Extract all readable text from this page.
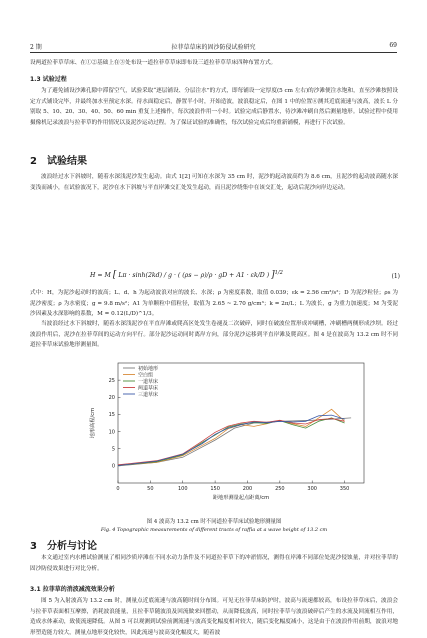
2 期	拉菲草草床的固沙防侵试验研究	69

设两道拉菲草草床、在①②基础上在③处布设一道拉菲草草床即布设三道拉菲草草床四种布置方式。

1.3 试验过程

为了避免铺设沙滩孔隙中滞留空气，试验采取“逐层铺设、分层注水”的方式，即每铺设一定厚度(5 cm 左右)的沙滩便注水饱和，直至沙滩按照设定方式铺设完毕，并最终加水至预定水深。待水面稳定后，静置半小时，开始造波，波浪稳定后，在图 1 中的位置⑥测其近底流速与波高，波长 L 分别取 5、10、20、30、40、50、60 min 重复上述操作，每次波浪作用一小时。试验完成后静置水，待沙滩冲刷自然后测量地形。试验过程中使用摄像机记录波浪与拉菲草的作用情况以及泥沙运动过程。为了保证试验的准确性，每次试验完成后均重新铺模，再进行下次试验。

2 试验结果

波浪经过水下斜坡时，随着水深浅泥沙发生起动。由式 1[2] 可知在水深为 35 cm 时，泥沙的起动波高约为 8.6 cm，且泥沙的起动波高随水深变浅而减小，在试验波况下，泥沙在水下斜坡与平直岸滩交汇处发生起动，而且泥沙绕集中在该交汇处，起动后泥沙向岸边运动。

H = M [ Lπ · sinh(2kd) / g · ( (ρs − ρ)/ρ · gD + A1 · εk/D ) ]$^{1/2}$	(1)

式中：H，为泥沙起动时的波高；L、d、h 为起动波浪对应的波长、水深；ρ 为密度系数，取值 0.039；εk = 2.56 cm³/s²；D 为泥沙粒径；ρs 为泥沙密度；ρ 为水密度；g = 9.8 m/s²；A1 为单颗粒中值粒径，取值为 2.65 ~ 2.70 g/cm³；k = 2π/L；L 为波长，g 为重力加速度；M 为受泥沙因素及水深影响的系数，M = 0.12(L/D)^1/3。

当波浪经过水下斜坡时，随着水深浅泥沙在平直岸滩或爬高区处发生卷褪及二次破碎，同时在破波位置形成冲刷槽，冲刷槽两侧形成沙坝。经过波浪作用后，泥沙在拉菲草间的运动方向平行。部分泥沙运动同时离岸方向，部分泥沙运移到平直岸滩及爬高区。图 4 是在波高为 13.2 cm 时不同道拉菲草床试验地形测量图。

0	50	100	150	200	250	300	350
0
5
10
15
20
25
距地形测量起点距离/cm
地形高程/cm
初始地形
空白组
一道草床
两道草床
三道草床
图 4 波高为 13.2 cm 时不同道拉菲草床试验地形测量图
Fig. 4 Topographic measurements of different tracts of raffia at a wave height of 13.2 cm
3 分析与讨论

本文通过室内水槽试验测量了相同沙质岸滩在不同水动力条件及不同道拉菲草下的冲淤情况，测得在岸滩不同部位处泥沙侵蚀量，并对拉菲草的固沙防侵效果进行对比分析。

3.1 拉菲草的消波减流效果分析

图 5 为入射波高为 13.2 cm 时，测量点近底流速与波高随时间分布图。可见无拉菲草床防护时，波高与流速都较高，布设拉菲草床后，波浪会与拉菲草表面相互摩擦，消耗波浪能量，且拉菲草随波浪及回流做来回摆动，从而降低波高，同时拉菲草与波浪破碎后产生的水流及回流相互作用，造成水体紊动，致使流速降低。从图 5 可以观测到试验前测流速与波高变化幅度相对较大，随后变化幅度减小，这是由于在波浪作用前期，波浪对地形塑造能力较大，测量点地形变化较快，因此流速与波高变化幅度大，随着波
